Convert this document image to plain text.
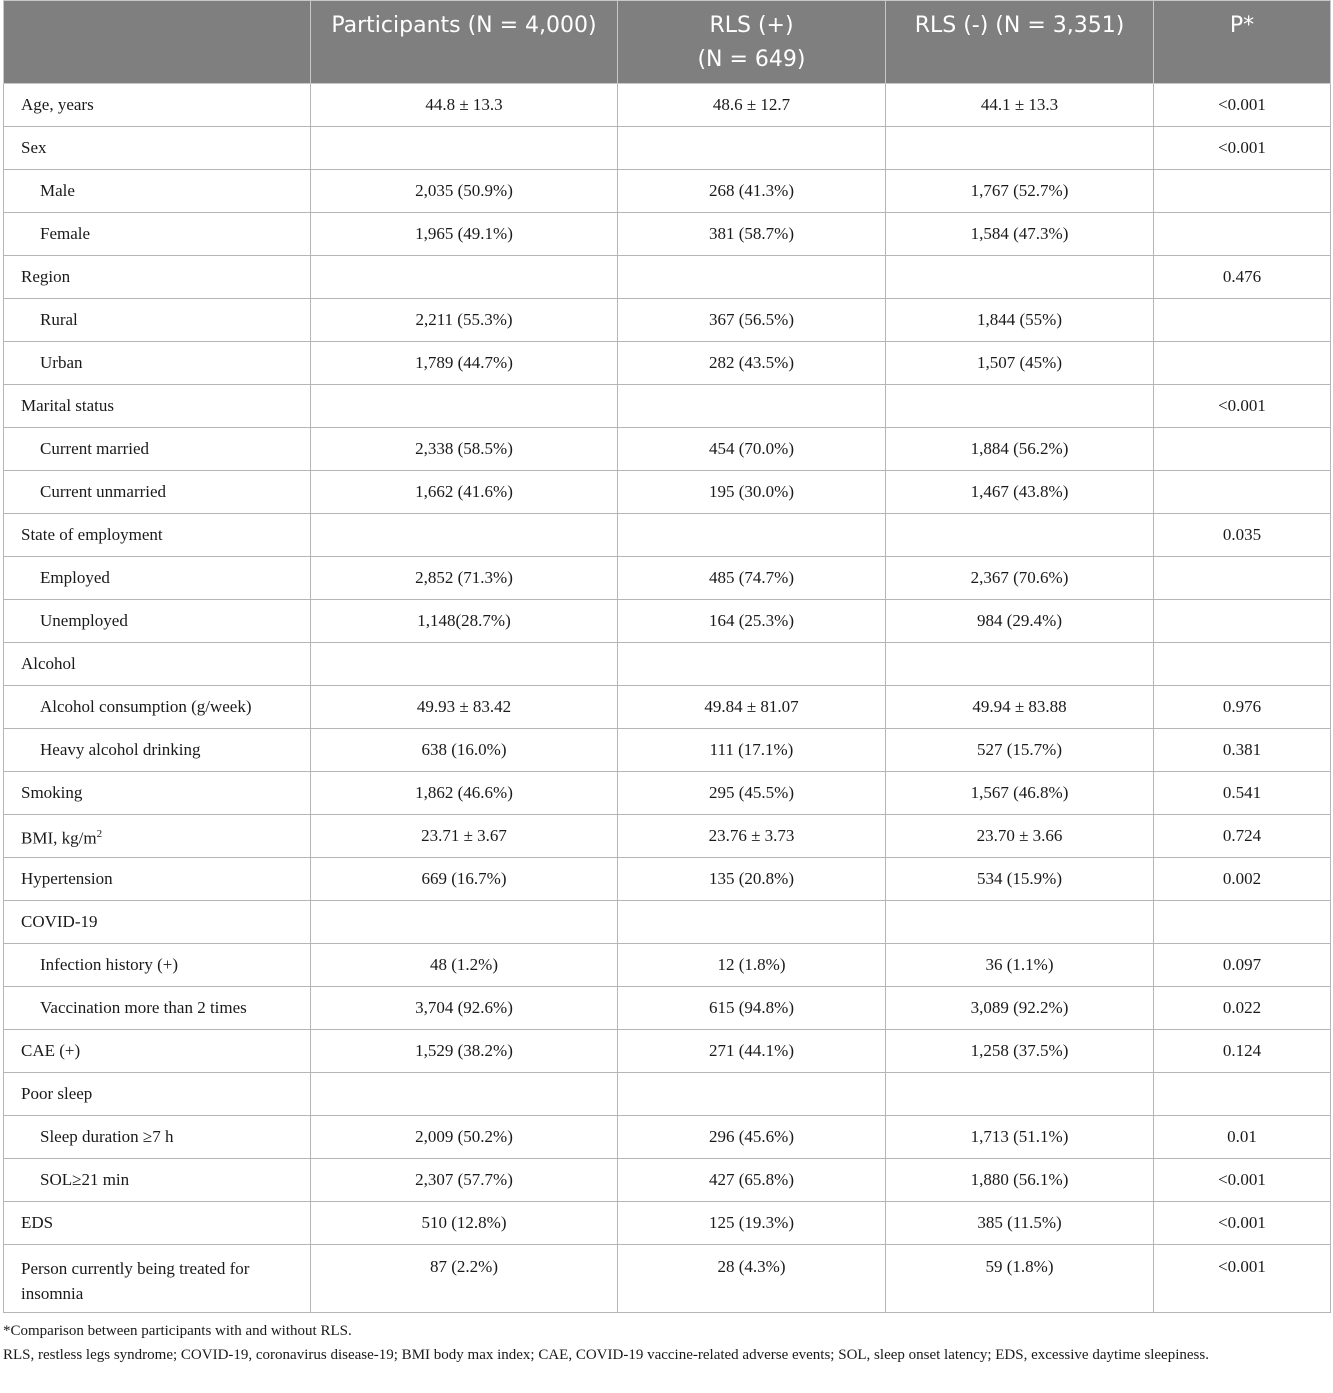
	Participants (N = 4,000)	RLS (+)
(N = 649)	RLS (-) (N = 3,351)	P*
Age, years	44.8 ± 13.3	48.6 ± 12.7	44.1 ± 13.3	<0.001
Sex				<0.001
Male	2,035 (50.9%)	268 (41.3%)	1,767 (52.7%)	
Female	1,965 (49.1%)	381 (58.7%)	1,584 (47.3%)	
Region				0.476
Rural	2,211 (55.3%)	367 (56.5%)	1,844 (55%)	
Urban	1,789 (44.7%)	282 (43.5%)	1,507 (45%)	
Marital status				<0.001
Current married	2,338 (58.5%)	454 (70.0%)	1,884 (56.2%)	
Current unmarried	1,662 (41.6%)	195 (30.0%)	1,467 (43.8%)	
State of employment				0.035
Employed	2,852 (71.3%)	485 (74.7%)	2,367 (70.6%)	
Unemployed	1,148(28.7%)	164 (25.3%)	984 (29.4%)	
Alcohol				
Alcohol consumption (g/week)	49.93 ± 83.42	49.84 ± 81.07	49.94 ± 83.88	0.976
Heavy alcohol drinking	638 (16.0%)	111 (17.1%)	527 (15.7%)	0.381
Smoking	1,862 (46.6%)	295 (45.5%)	1,567 (46.8%)	0.541
BMI, $kg/m^2$	23.71 ± 3.67	23.76 ± 3.73	23.70 ± 3.66	0.724
Hypertension	669 (16.7%)	135 (20.8%)	534 (15.9%)	0.002
COVID-19				
Infection history (+)	48 (1.2%)	12 (1.8%)	36 (1.1%)	0.097
Vaccination more than 2 times	3,704 (92.6%)	615 (94.8%)	3,089 (92.2%)	0.022
CAE (+)	1,529 (38.2%)	271 (44.1%)	1,258 (37.5%)	0.124
Poor sleep				
Sleep duration ≥7 h	2,009 (50.2%)	296 (45.6%)	1,713 (51.1%)	0.01
SOL≥21 min	2,307 (57.7%)	427 (65.8%)	1,880 (56.1%)	<0.001
EDS	510 (12.8%)	125 (19.3%)	385 (11.5%)	<0.001
Person currently being treated for insomnia	87 (2.2%)	28 (4.3%)	59 (1.8%)	<0.001
*Comparison between participants with and without RLS.
RLS, restless legs syndrome; COVID-19, coronavirus disease-19; BMI body max index; CAE, COVID-19 vaccine-related adverse events; SOL, sleep onset latency; EDS, excessive daytime sleepiness.
